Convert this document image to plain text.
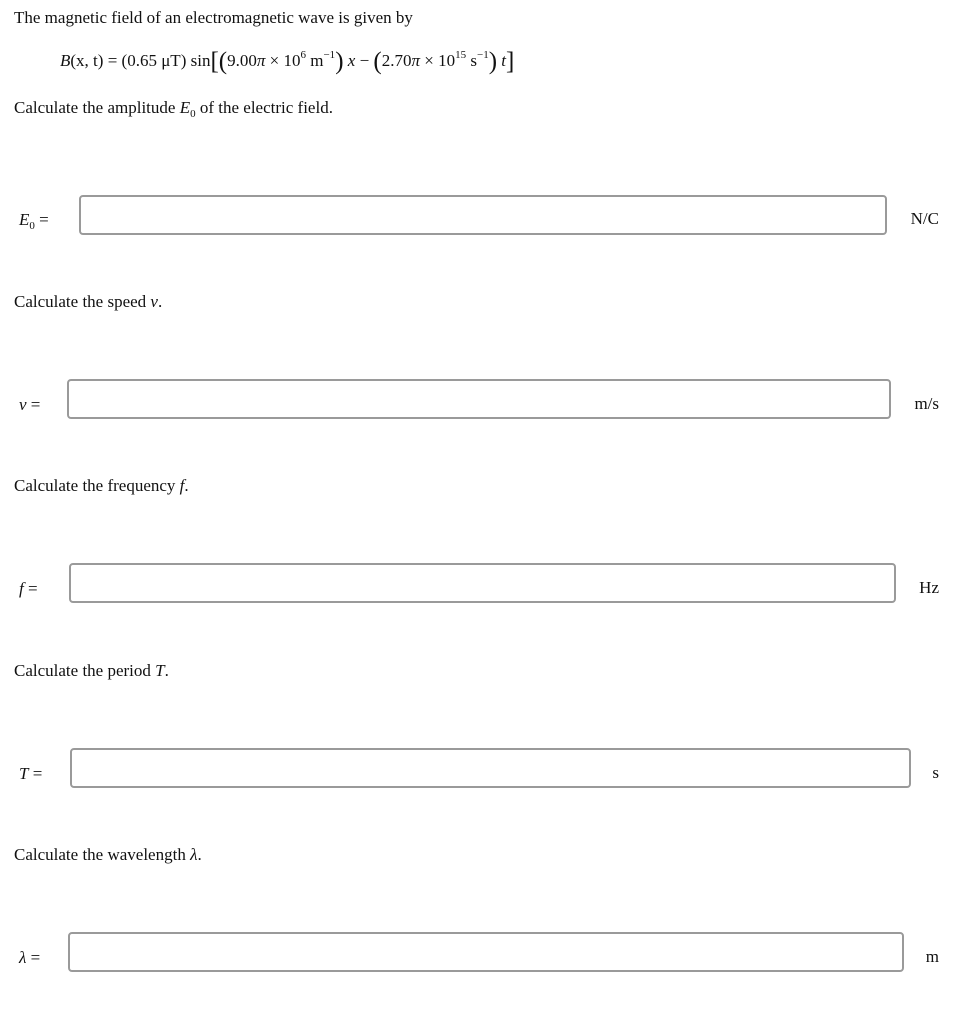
The magnetic field of an electromagnetic wave is given by
B(x, t) = (0.65 μT) $\sin[(9.00\pi \times 10^6$ $m^{-1}$) $x - (2.70\pi \times 10^{15}$ $s^{-1}$) t]
Calculate the amplitude $E_0$ of the electric field.
$E_0$ =	N/C
Calculate the speed v.
v =	m/s
Calculate the frequency f.
f =	Hz
Calculate the period T.
T =	s
Calculate the wavelength λ.
λ =	m
